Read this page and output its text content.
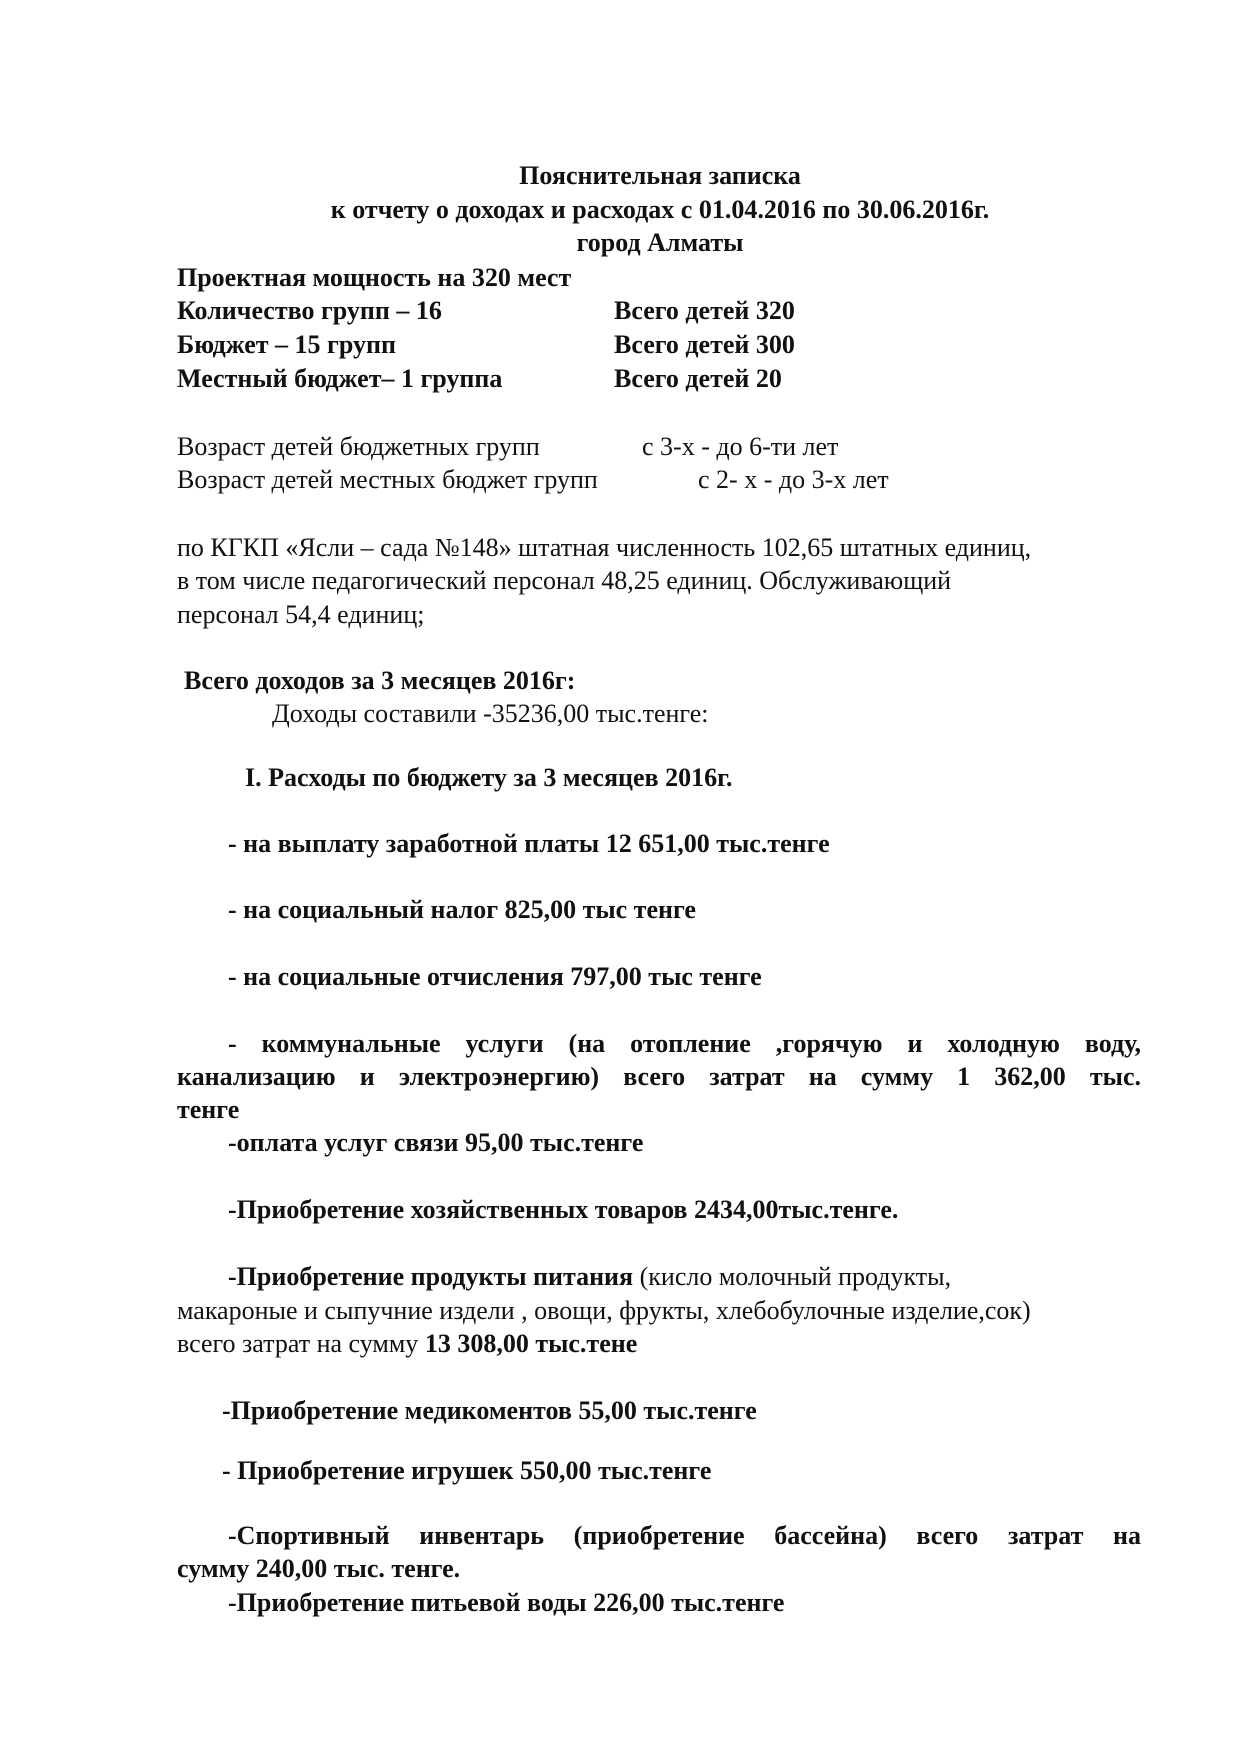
Пояснительная записка
к отчету о доходах и расходах с 01.04.2016 по 30.06.2016г.
город Алматы
Проектная мощность на 320 мест
Количество групп – 16	Всего детей 320
Бюджет – 15 групп	Всего детей 300
Местный бюджет– 1 группа	Всего детей 20
Возраст детей бюджетных групп	с 3-х - до 6-ти лет
Возраст детей местных бюджет групп	с 2- х - до 3-х лет
по КГКП «Ясли – сада №148» штатная численность 102,65 штатных единиц,
в том числе педагогический персонал 48,25 единиц. Обслуживающий
персонал 54,4 единиц;
Всего доходов за 3 месяцев 2016г:
Доходы составили -35236,00 тыс.тенге:
I. Расходы по бюджету за 3 месяцев 2016г.
- на выплату заработной платы 12 651,00 тыс.тенге
- на социальный налог 825,00 тыс тенге
- на социальные отчисления 797,00 тыс тенге
- коммунальные услуги (на отопление ,горячую и холодную воду,
канализацию и электроэнергию) всего затрат на сумму 1 362,00 тыс.
тенге
-оплата услуг связи 95,00 тыс.тенге
-Приобретение хозяйственных товаров 2434,00тыс.тенге.
-Приобретение продукты питания (кисло молочный продукты,
макароные и сыпучние издели , овощи, фрукты, хлебобулочные изделие,сок)
всего затрат на сумму 13 308,00 тыс.тене
-Приобретение медикоментов 55,00 тыс.тенге
- Приобретение игрушек 550,00 тыс.тенге
-Спортивный инвентарь (приобретение бассейна) всего затрат на
сумму 240,00 тыс. тенге.
-Приобретение питьевой воды 226,00 тыс.тенге
